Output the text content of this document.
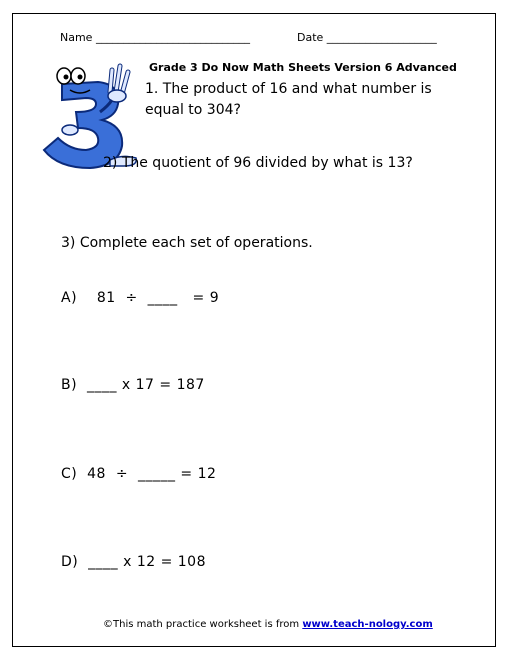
Name ____________________________	Date ____________________
Grade 3 Do Now Math Sheets Version 6 Advanced
1. The product of 16 and what number is
equal to 304?
2) The quotient of 96 divided by what is 13?
3) Complete each set of operations.
A)    81  ÷  ____   = 9
B)  ____ x 17 = 187
C)  48  ÷  _____ = 12
D)  ____ x 12 = 108
©This math practice worksheet is from www.teach-nology.com
